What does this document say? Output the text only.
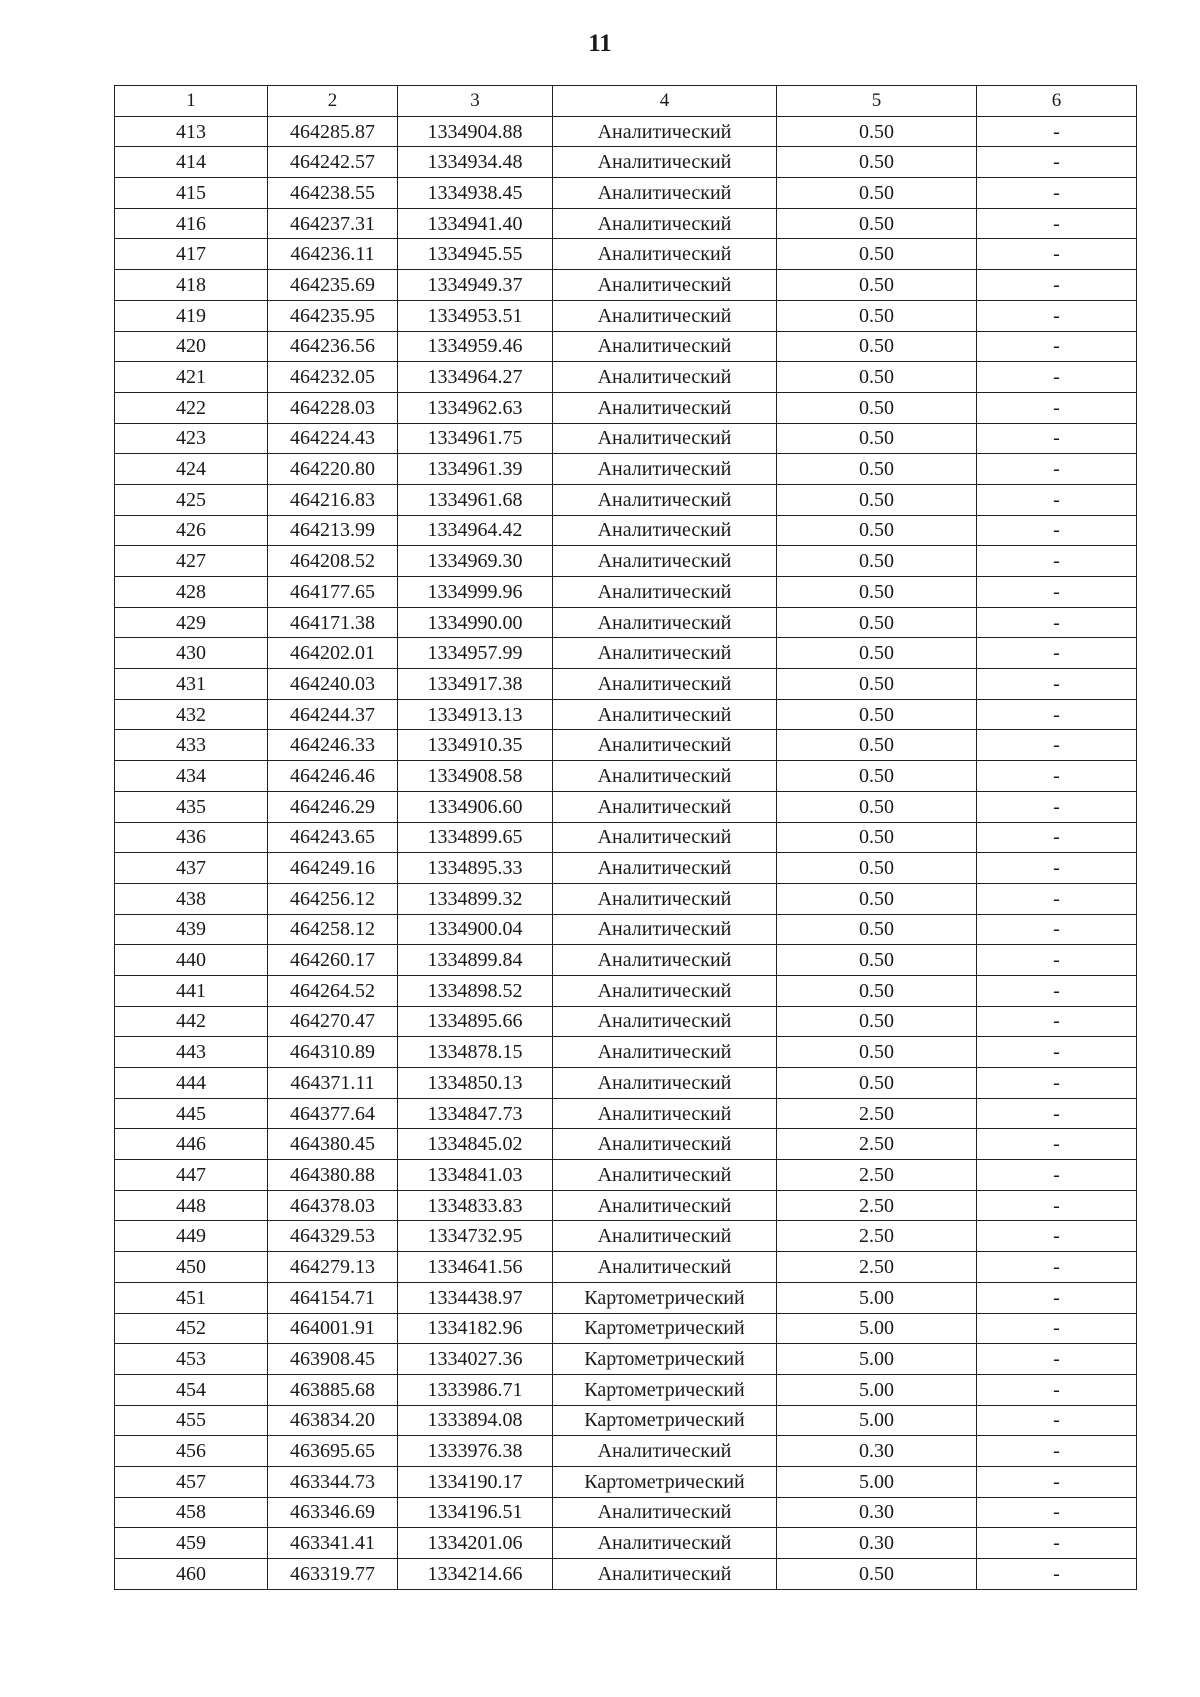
11
1	2	3	4	5	6
413	464285.87	1334904.88	Аналитический	0.50	-
414	464242.57	1334934.48	Аналитический	0.50	-
415	464238.55	1334938.45	Аналитический	0.50	-
416	464237.31	1334941.40	Аналитический	0.50	-
417	464236.11	1334945.55	Аналитический	0.50	-
418	464235.69	1334949.37	Аналитический	0.50	-
419	464235.95	1334953.51	Аналитический	0.50	-
420	464236.56	1334959.46	Аналитический	0.50	-
421	464232.05	1334964.27	Аналитический	0.50	-
422	464228.03	1334962.63	Аналитический	0.50	-
423	464224.43	1334961.75	Аналитический	0.50	-
424	464220.80	1334961.39	Аналитический	0.50	-
425	464216.83	1334961.68	Аналитический	0.50	-
426	464213.99	1334964.42	Аналитический	0.50	-
427	464208.52	1334969.30	Аналитический	0.50	-
428	464177.65	1334999.96	Аналитический	0.50	-
429	464171.38	1334990.00	Аналитический	0.50	-
430	464202.01	1334957.99	Аналитический	0.50	-
431	464240.03	1334917.38	Аналитический	0.50	-
432	464244.37	1334913.13	Аналитический	0.50	-
433	464246.33	1334910.35	Аналитический	0.50	-
434	464246.46	1334908.58	Аналитический	0.50	-
435	464246.29	1334906.60	Аналитический	0.50	-
436	464243.65	1334899.65	Аналитический	0.50	-
437	464249.16	1334895.33	Аналитический	0.50	-
438	464256.12	1334899.32	Аналитический	0.50	-
439	464258.12	1334900.04	Аналитический	0.50	-
440	464260.17	1334899.84	Аналитический	0.50	-
441	464264.52	1334898.52	Аналитический	0.50	-
442	464270.47	1334895.66	Аналитический	0.50	-
443	464310.89	1334878.15	Аналитический	0.50	-
444	464371.11	1334850.13	Аналитический	0.50	-
445	464377.64	1334847.73	Аналитический	2.50	-
446	464380.45	1334845.02	Аналитический	2.50	-
447	464380.88	1334841.03	Аналитический	2.50	-
448	464378.03	1334833.83	Аналитический	2.50	-
449	464329.53	1334732.95	Аналитический	2.50	-
450	464279.13	1334641.56	Аналитический	2.50	-
451	464154.71	1334438.97	Картометрический	5.00	-
452	464001.91	1334182.96	Картометрический	5.00	-
453	463908.45	1334027.36	Картометрический	5.00	-
454	463885.68	1333986.71	Картометрический	5.00	-
455	463834.20	1333894.08	Картометрический	5.00	-
456	463695.65	1333976.38	Аналитический	0.30	-
457	463344.73	1334190.17	Картометрический	5.00	-
458	463346.69	1334196.51	Аналитический	0.30	-
459	463341.41	1334201.06	Аналитический	0.30	-
460	463319.77	1334214.66	Аналитический	0.50	-
